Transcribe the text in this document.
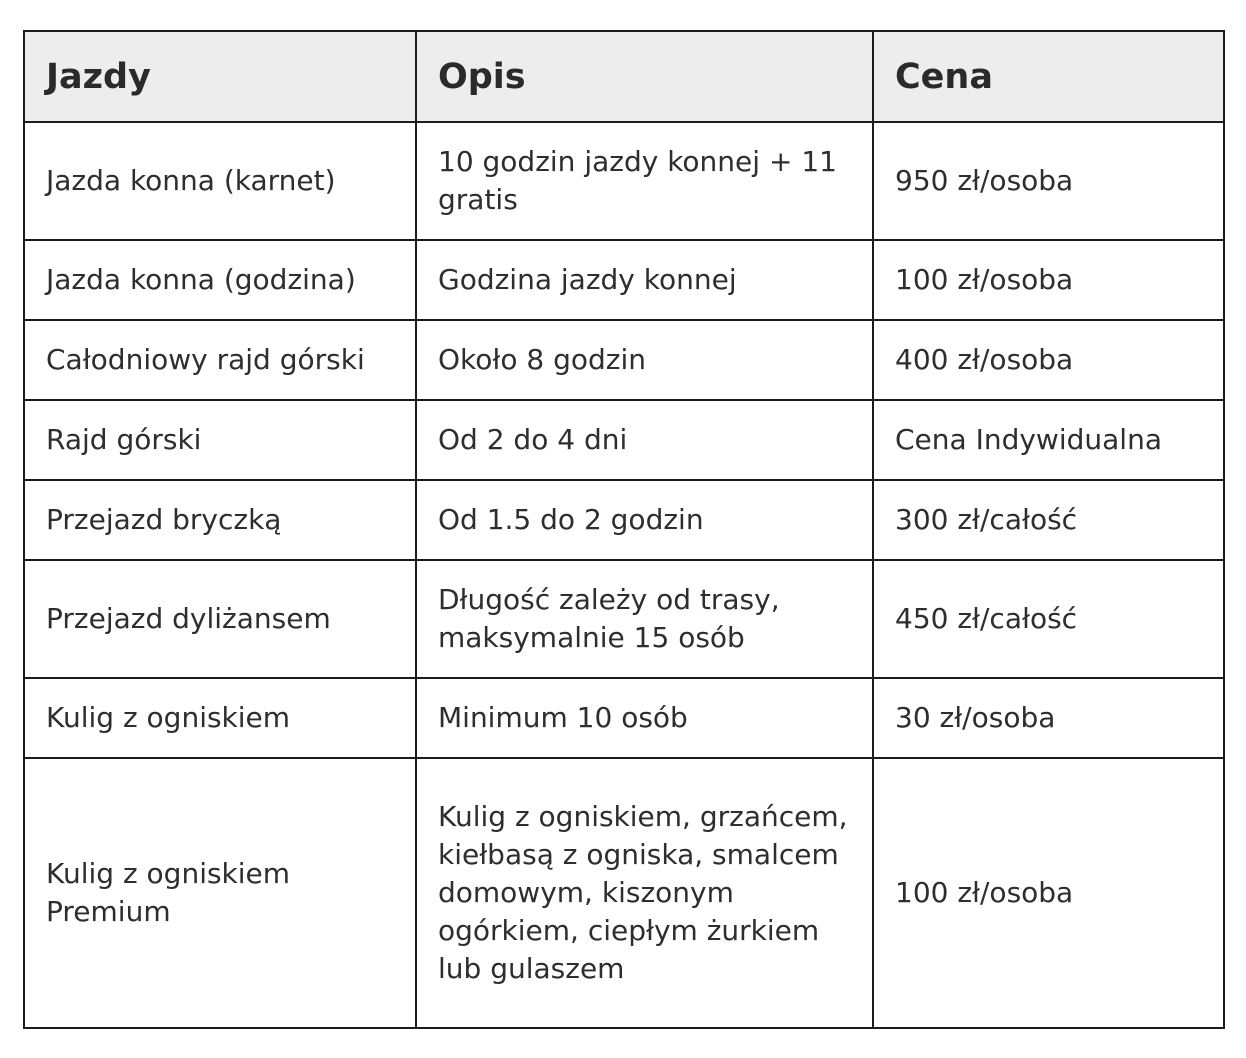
Jazdy	Opis	Cena
Jazda konna (karnet)	10 godzin jazdy konnej + 11 gratis	950 zł/osoba
Jazda konna (godzina)	Godzina jazdy konnej	100 zł/osoba
Całodniowy rajd górski	Około 8 godzin	400 zł/osoba
Rajd górski	Od 2 do 4 dni	Cena Indywidualna
Przejazd bryczką	Od 1.5 do 2 godzin	300 zł/całość
Przejazd dyliżansem	Długość zależy od trasy, maksymalnie 15 osób	450 zł/całość
Kulig z ogniskiem	Minimum 10 osób	30 zł/osoba
Kulig z ogniskiem Premium	Kulig z ogniskiem, grzańcem, kiełbasą z ogniska, smalcem domowym, kiszonym ogórkiem, ciepłym żurkiem lub gulaszem	100 zł/osoba
